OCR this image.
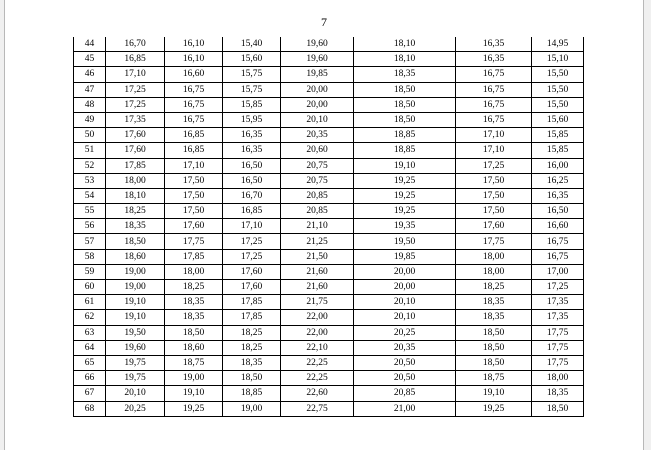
7
44	16,70	16,10	15,40	19,60	18,10	16,35	14,95
45	16,85	16,10	15,60	19,60	18,10	16,35	15,10
46	17,10	16,60	15,75	19,85	18,35	16,75	15,50
47	17,25	16,75	15,75	20,00	18,50	16,75	15,50
48	17,25	16,75	15,85	20,00	18,50	16,75	15,50
49	17,35	16,75	15,95	20,10	18,50	16,75	15,60
50	17,60	16,85	16,35	20,35	18,85	17,10	15,85
51	17,60	16,85	16,35	20,60	18,85	17,10	15,85
52	17,85	17,10	16,50	20,75	19,10	17,25	16,00
53	18,00	17,50	16,50	20,75	19,25	17,50	16,25
54	18,10	17,50	16,70	20,85	19,25	17,50	16,35
55	18,25	17,50	16,85	20,85	19,25	17,50	16,50
56	18,35	17,60	17,10	21,10	19,35	17,60	16,60
57	18,50	17,75	17,25	21,25	19,50	17,75	16,75
58	18,60	17,85	17,25	21,50	19,85	18,00	16,75
59	19,00	18,00	17,60	21,60	20,00	18,00	17,00
60	19,00	18,25	17,60	21,60	20,00	18,25	17,25
61	19,10	18,35	17,85	21,75	20,10	18,35	17,35
62	19,10	18,35	17,85	22,00	20,10	18,35	17,35
63	19,50	18,50	18,25	22,00	20,25	18,50	17,75
64	19,60	18,60	18,25	22,10	20,35	18,50	17,75
65	19,75	18,75	18,35	22,25	20,50	18,50	17,75
66	19,75	19,00	18,50	22,25	20,50	18,75	18,00
67	20,10	19,10	18,85	22,60	20,85	19,10	18,35
68	20,25	19,25	19,00	22,75	21,00	19,25	18,50
